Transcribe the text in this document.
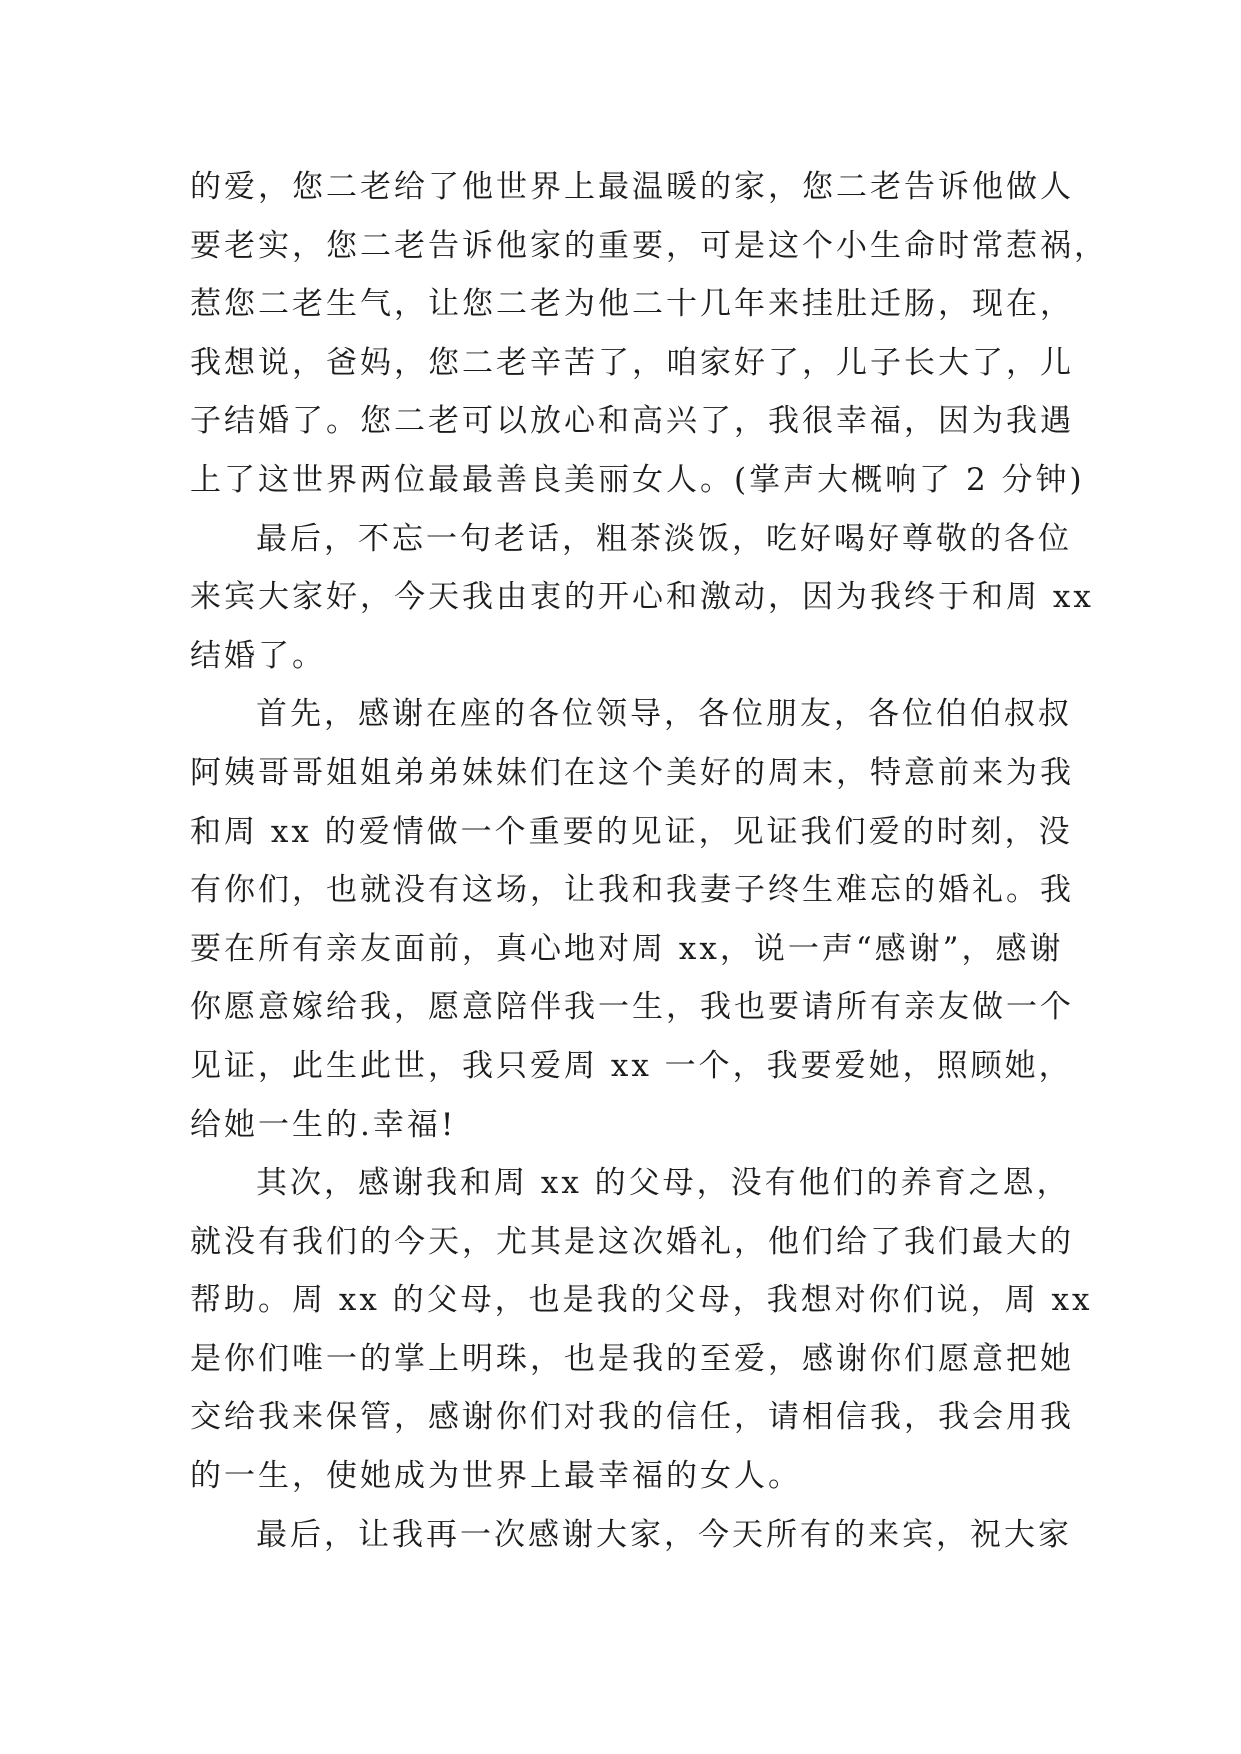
的爱，您二老给了他世界上最温暖的家，您二老告诉他做人
要老实，您二老告诉他家的重要，可是这个小生命时常惹祸，
惹您二老生气，让您二老为他二十几年来挂肚迁肠，现在，
我想说，爸妈，您二老辛苦了，咱家好了，儿子长大了，儿
子结婚了。您二老可以放心和高兴了，我很幸福，因为我遇
上了这世界两位最最善良美丽女人。(掌声大概响了 2 分钟)
最后，不忘一句老话，粗茶淡饭，吃好喝好尊敬的各位
来宾大家好，今天我由衷的开心和激动，因为我终于和周 xx
结婚了。
首先，感谢在座的各位领导，各位朋友，各位伯伯叔叔
阿姨哥哥姐姐弟弟妹妹们在这个美好的周末，特意前来为我
和周 xx 的爱情做一个重要的见证，见证我们爱的时刻，没
有你们，也就没有这场，让我和我妻子终生难忘的婚礼。我
要在所有亲友面前，真心地对周 xx，说一声“感谢”，感谢
你愿意嫁给我，愿意陪伴我一生，我也要请所有亲友做一个
见证，此生此世，我只爱周 xx 一个，我要爱她，照顾她，
给她一生的.幸福!
其次，感谢我和周 xx 的父母，没有他们的养育之恩，
就没有我们的今天，尤其是这次婚礼，他们给了我们最大的
帮助。周 xx 的父母，也是我的父母，我想对你们说，周 xx
是你们唯一的掌上明珠，也是我的至爱，感谢你们愿意把她
交给我来保管，感谢你们对我的信任，请相信我，我会用我
的一生，使她成为世界上最幸福的女人。
最后，让我再一次感谢大家，今天所有的来宾，祝大家
